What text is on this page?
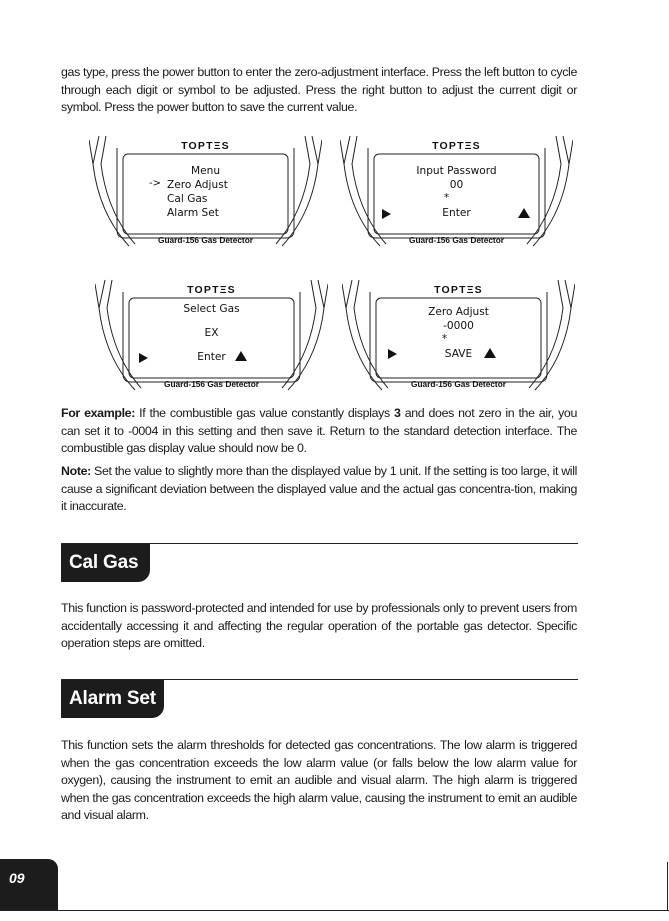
gas type, press the power button to enter the zero-adjustment interface. Press the left button to cycle through each digit or symbol to be adjusted. Press the right button to adjust the current digit or symbol. Press the power button to save the current value.

TOPTΞS
Menu
-> Zero Adjust
Cal Gas
Alarm Set
Guard-156 Gas Detector
TOPTΞS
Input Password
00
*
Enter
Guard-156 Gas Detector
TOPTΞS
Select Gas
EX
Enter
Guard-156 Gas Detector
TOPTΞS
Zero Adjust
-0000
*
SAVE
Guard-156 Gas Detector

For example: If the combustible gas value constantly displays 3 and does not zero in the air, you can set it to -0004 in this setting and then save it. Return to the standard detection interface. The combustible gas display value should now be 0.

Note: Set the value to slightly more than the displayed value by 1 unit. If the setting is too large, it will cause a significant deviation between the displayed value and the actual gas concentra-tion, making it inaccurate.

Cal Gas

This function is password-protected and intended for use by professionals only to prevent users from accidentally accessing it and affecting the regular operation of the portable gas detector. Specific operation steps are omitted.

Alarm Set

This function sets the alarm thresholds for detected gas concentrations. The low alarm is triggered when the gas concentration exceeds the low alarm value (or falls below the low alarm value for oxygen), causing the instrument to emit an audible and visual alarm. The high alarm is triggered when the gas concentration exceeds the high alarm value, causing the instrument to emit an audible and visual alarm.

09
